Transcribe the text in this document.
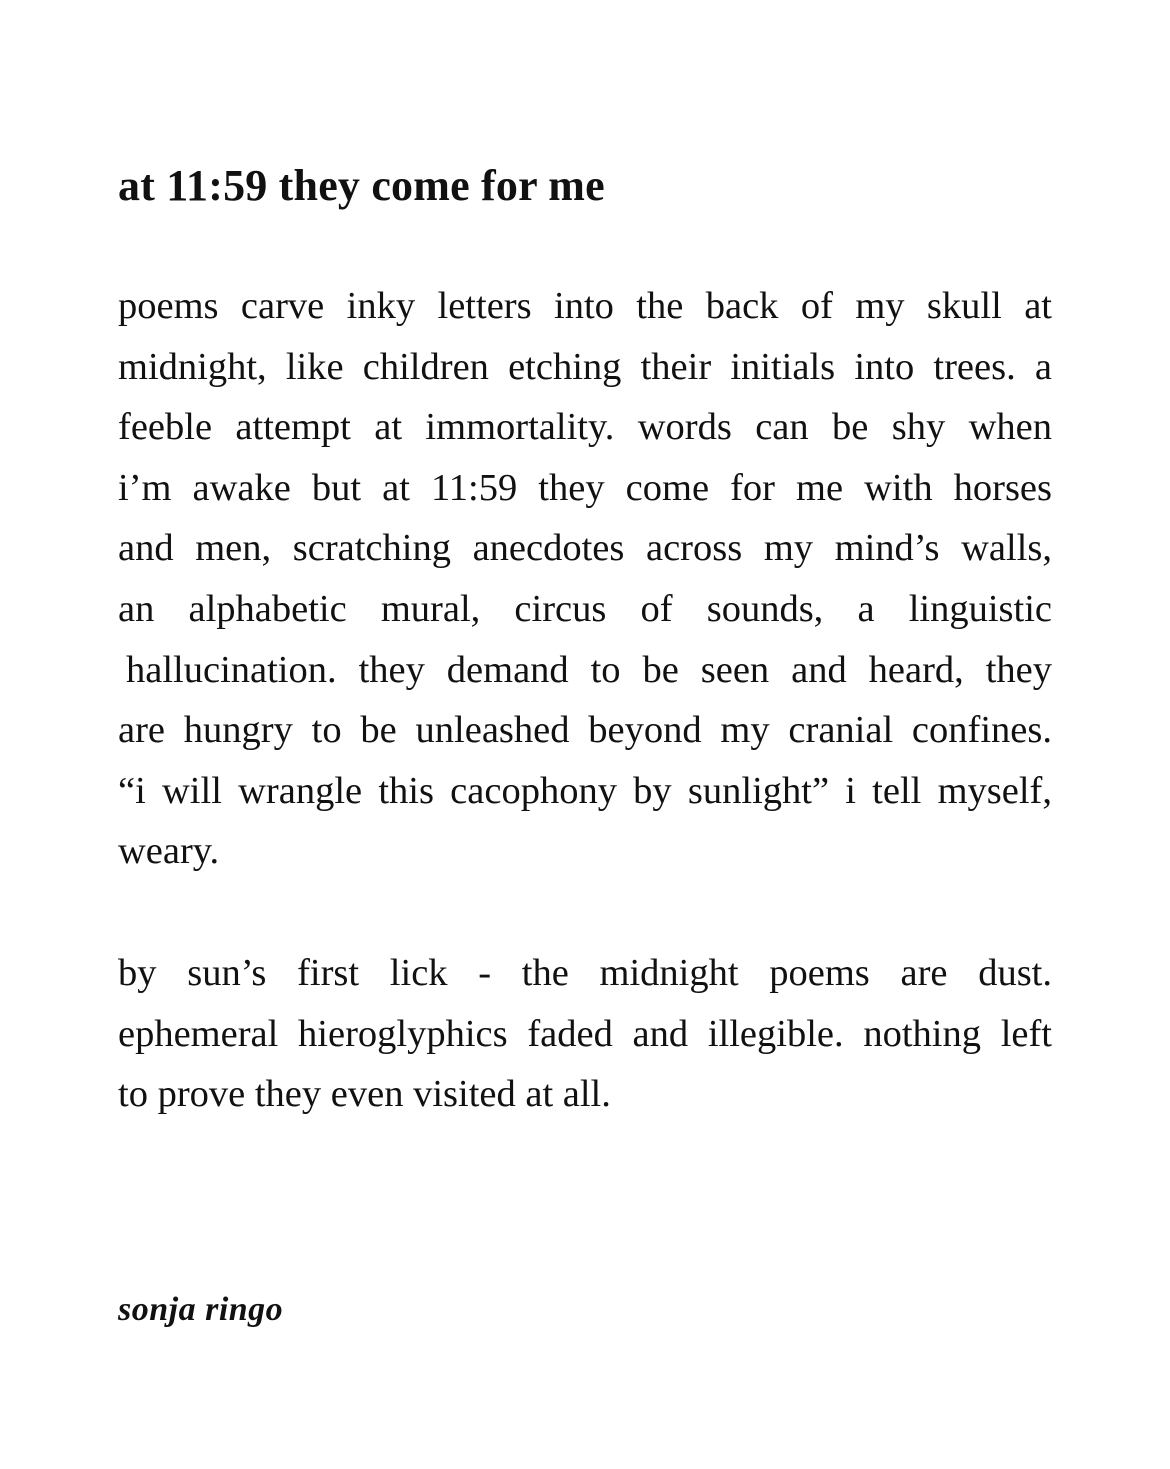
at 11:59 they come for me

poems carve inky letters into the back of my skull at
midnight, like children etching their initials into trees. a
feeble attempt at immortality. words can be shy when
i’m awake but at 11:59 they come for me with horses
and men, scratching anecdotes across my mind’s walls,
an alphabetic mural, circus of sounds, a linguistic
hallucination. they demand to be seen and heard, they
are hungry to be unleashed beyond my cranial confines.
“i will wrangle this cacophony by sunlight” i tell myself,
weary.

by sun’s first lick - the midnight poems are dust.
ephemeral hieroglyphics faded and illegible. nothing left
to prove they even visited at all.

sonja ringo
